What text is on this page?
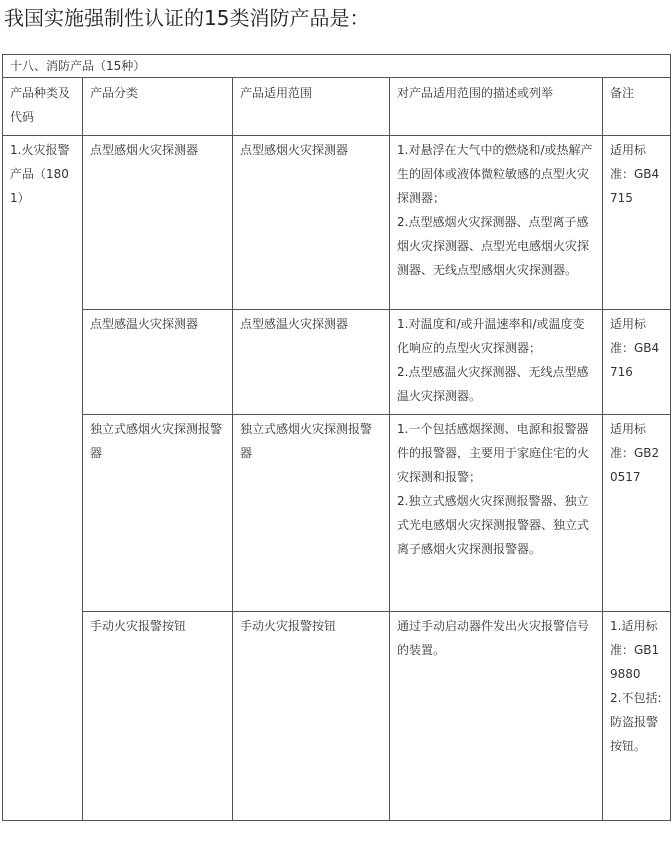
我国实施强制性认证的15类消防产品是：
十八、消防产品（15种）				
产品种类及代码	产品分类	产品适用范围	对产品适用范围的描述或列举	备注
1.火灾报警产品（1801）	点型感烟火灾探测器	点型感烟火灾探测器	1.对悬浮在大气中的燃烧和/或热解产生的固体或液体微粒敏感的点型火灾探测器；
2.点型感烟火灾探测器、点型离子感烟火灾探测器、点型光电感烟火灾探测器、无线点型感烟火灾探测器。	适用标准：GB4715

	点型感温火灾探测器	点型感温火灾探测器	1.对温度和/或升温速率和/或温度变化响应的点型火灾探测器；
2.点型感温火灾探测器、无线点型感温火灾探测器。	适用标准：GB4716

	独立式感烟火灾探测报警器	独立式感烟火灾探测报警器	1.一个包括感烟探测、电源和报警器件的报警器，主要用于家庭住宅的火灾探测和报警；
2.独立式感烟火灾探测报警器、独立式光电感烟火灾探测报警器、独立式离子感烟火灾探测报警器。	适用标准：GB20517

	手动火灾报警按钮	手动火灾报警按钮	通过手动启动器件发出火灾报警信号的装置。	1.适用标准：GB19880
2.不包括:防盗报警按钮。
